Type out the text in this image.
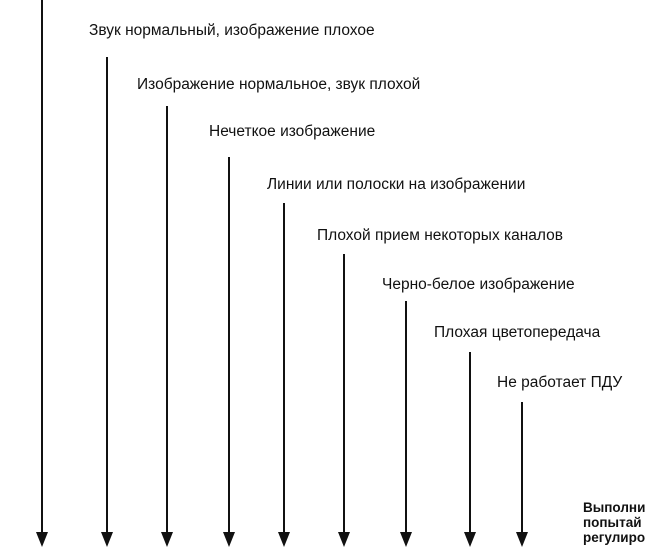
Звук нормальный, изображение плохое
Изображение нормальное, звук плохой
Нечеткое изображение
Линии или полоски на изображении
Плохой прием некоторых каналов
Черно-белое изображение
Плохая цветопередача
Не работает ПДУ
Выполни
попытай
регулиро
